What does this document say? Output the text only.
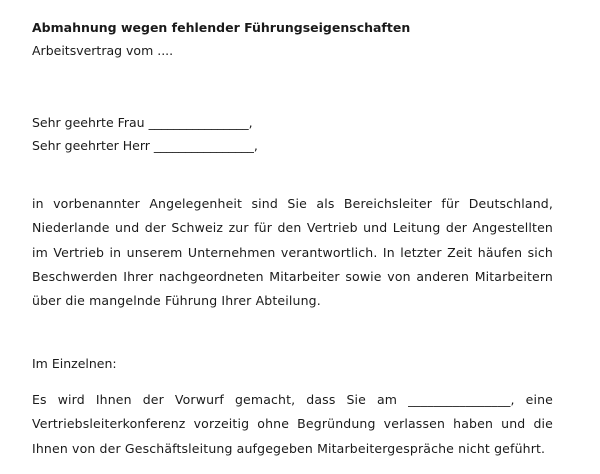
Abmahnung wegen fehlender Führungseigenschaften
Arbeitsvertrag vom ....
Sehr geehrte Frau ________________,
Sehr geehrter Herr ________________,
in vorbenannter Angelegenheit sind Sie als Bereichsleiter für Deutschland, Niederlande und der Schweiz zur für den Vertrieb und Leitung der Angestellten im Vertrieb in unserem Unternehmen verantwortlich. In letzter Zeit häufen sich Beschwerden Ihrer nachgeordneten Mitarbeiter sowie von anderen Mitarbeitern über die mangelnde Führung Ihrer Abteilung.
Im Einzelnen:
Es wird Ihnen der Vorwurf gemacht, dass Sie am ________________, eine Vertriebsleiterkonferenz vorzeitig ohne Begründung verlassen haben und die Ihnen von der Geschäftsleitung aufgegeben Mitarbeitergespräche nicht geführt.
